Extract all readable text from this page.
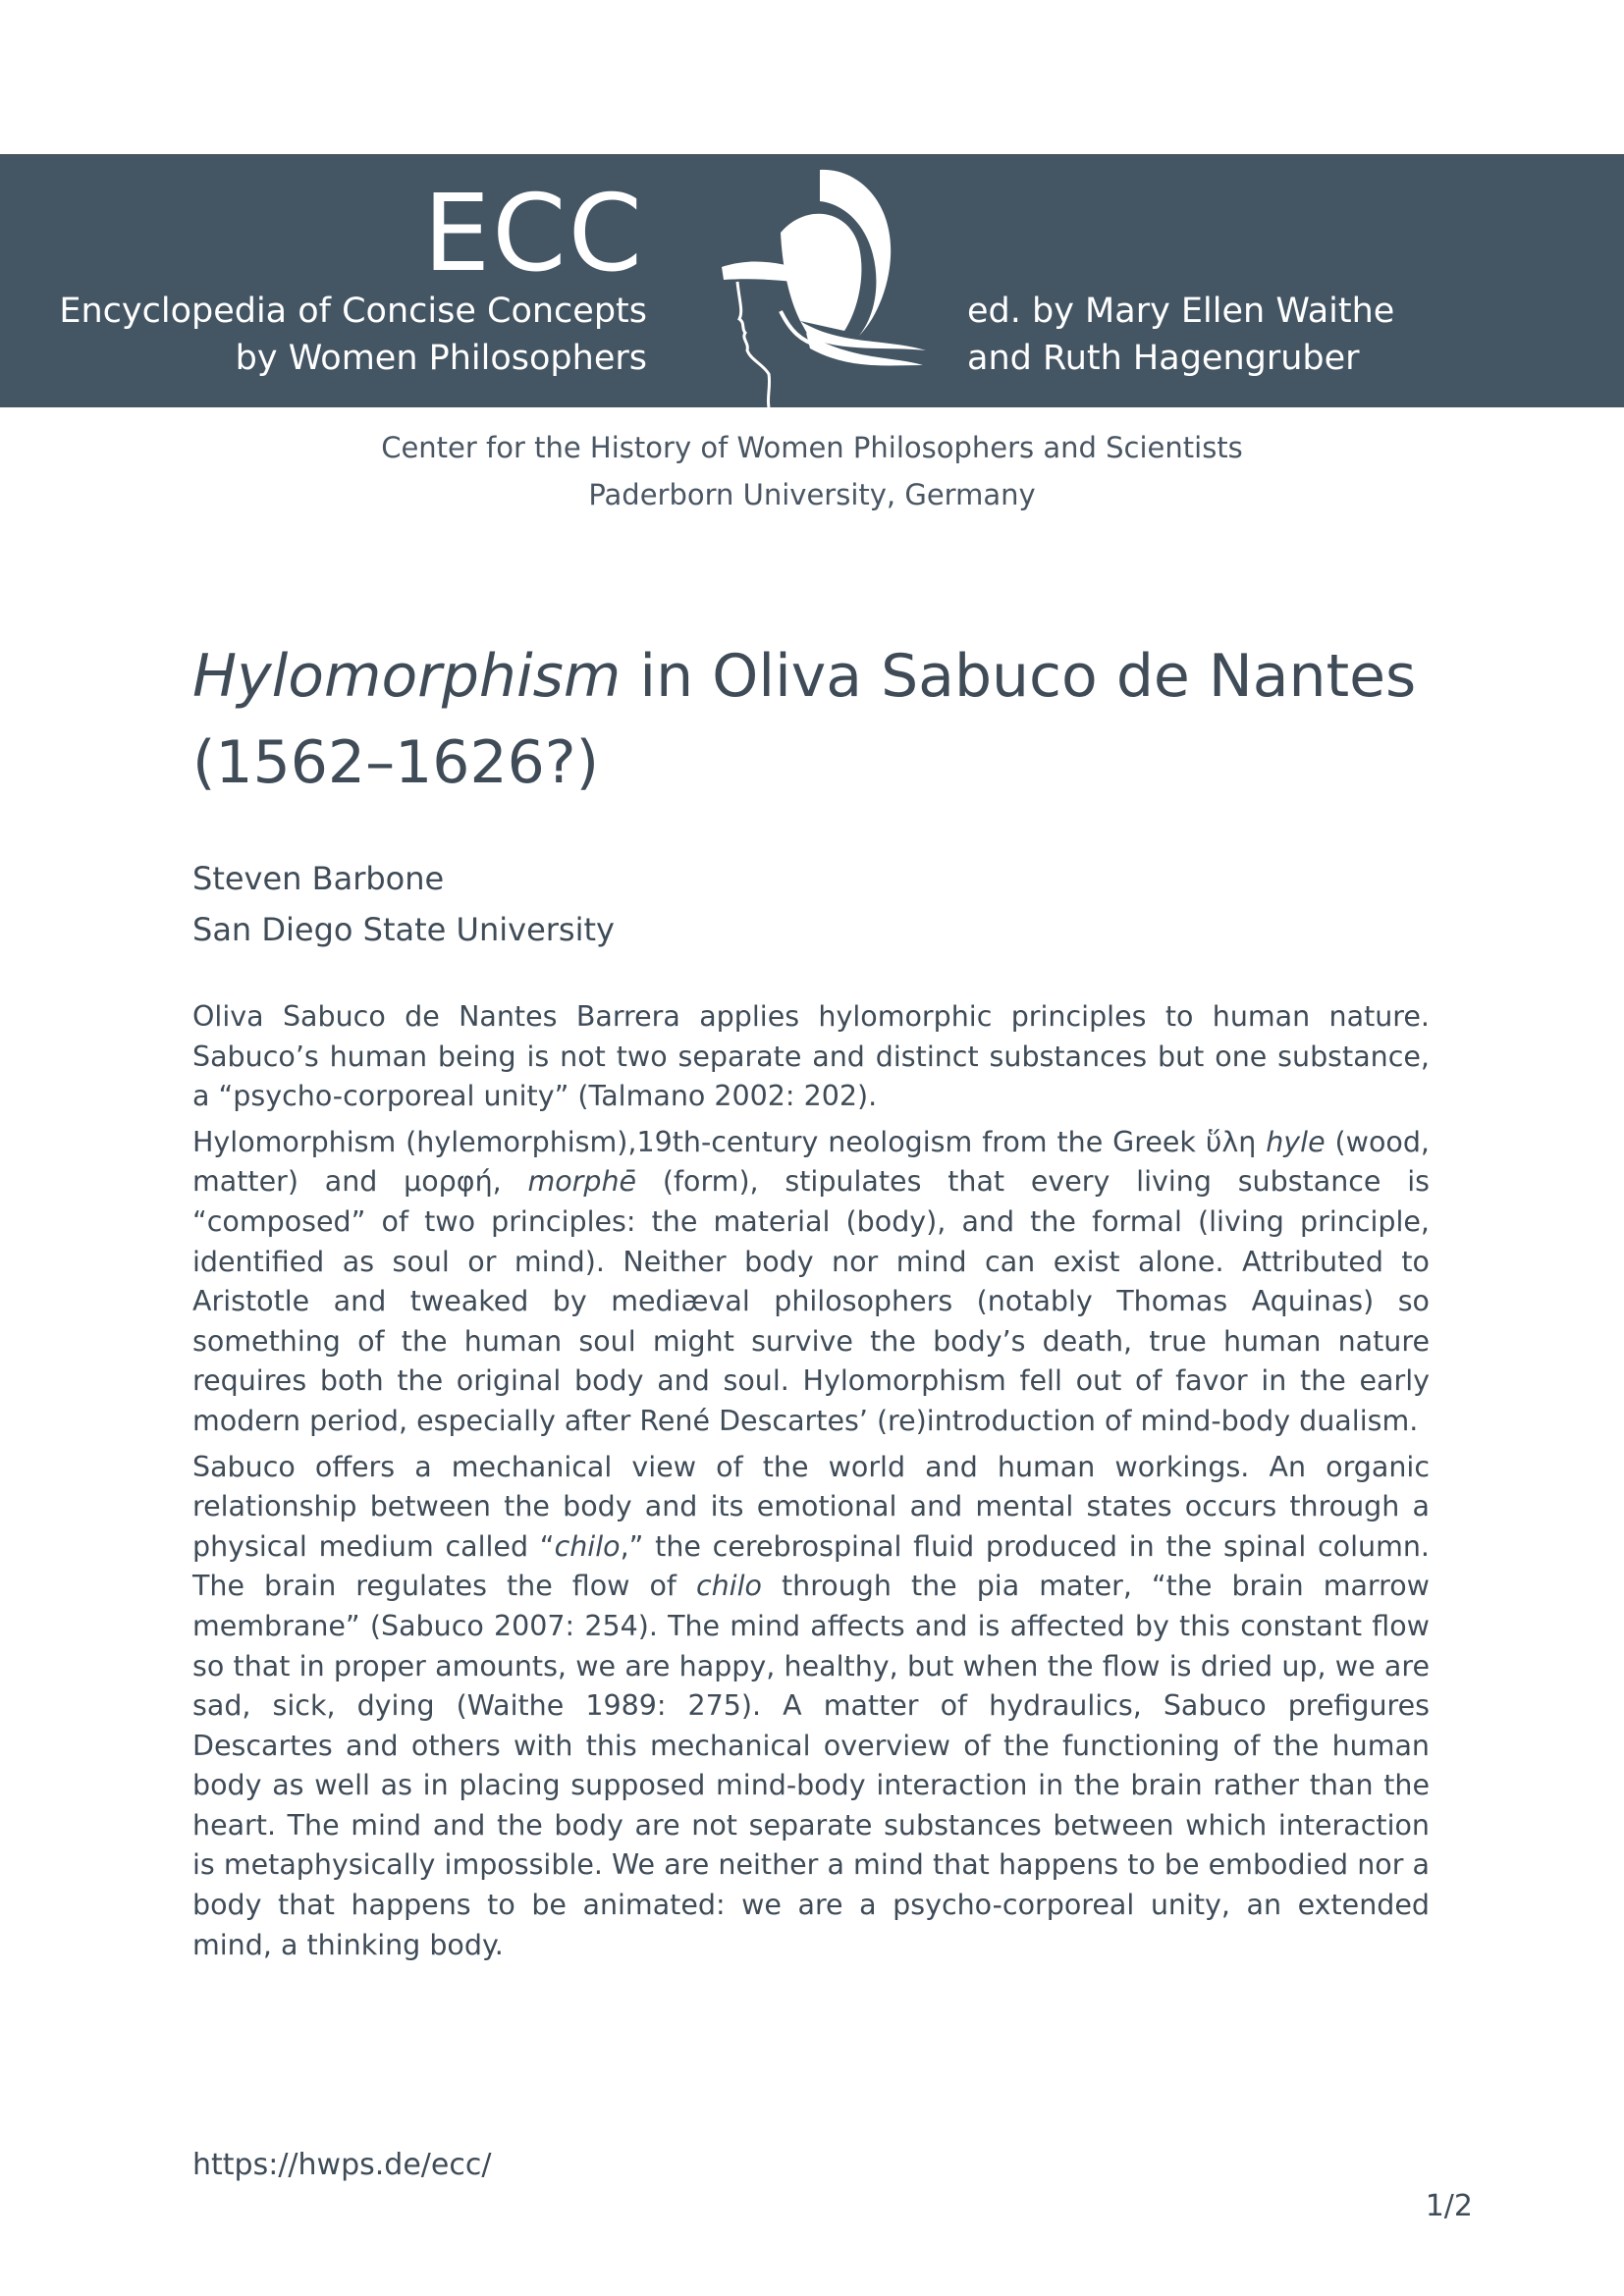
ECC
Encyclopedia of Concise Concepts
by Women Philosophers
ed. by Mary Ellen Waithe
and Ruth Hagengruber
Center for the History of Women Philosophers and Scientists
Paderborn University, Germany
Hylomorphism in Oliva Sabuco de Nantes (1562–1626?)
Steven Barbone
San Diego State University

Oliva Sabuco de Nantes Barrera applies hylomorphic principles to human nature. Sabuco’s human being is not two separate and distinct substances but one substance, a “psycho-corporeal unity” (Talmano 2002: 202).

Hylomorphism (hylemorphism),19th-century neologism from the Greek ὕλη hyle (wood, matter) and μορφή, morphē (form), stipulates that every living substance is “composed” of two principles: the material (body), and the formal (living principle, identified as soul or mind). Neither body nor mind can exist alone. Attributed to Aristotle and tweaked by mediæval philosophers (notably Thomas Aquinas) so something of the human soul might survive the body’s death, true human nature requires both the original body and soul. Hylomorphism fell out of favor in the early modern period, especially after René Descartes’ (re)introduction of mind-body dualism.

Sabuco offers a mechanical view of the world and human workings. An organic relationship between the body and its emotional and mental states occurs through a physical medium called “chilo,” the cerebrospinal fluid produced in the spinal column. The brain regulates the flow of chilo through the pia mater, “the brain marrow membrane” (Sabuco 2007: 254). The mind affects and is affected by this constant flow so that in proper amounts, we are happy, healthy, but when the flow is dried up, we are sad, sick, dying (Waithe 1989: 275). A matter of hydraulics, Sabuco prefigures Descartes and others with this mechanical overview of the functioning of the human body as well as in placing supposed mind-body interaction in the brain rather than the heart. The mind and the body are not separate substances between which interaction is metaphysically impossible. We are neither a mind that happens to be embodied nor a body that happens to be animated: we are a psycho-corporeal unity, an extended mind, a thinking body.

https://hwps.de/ecc/
1/2
